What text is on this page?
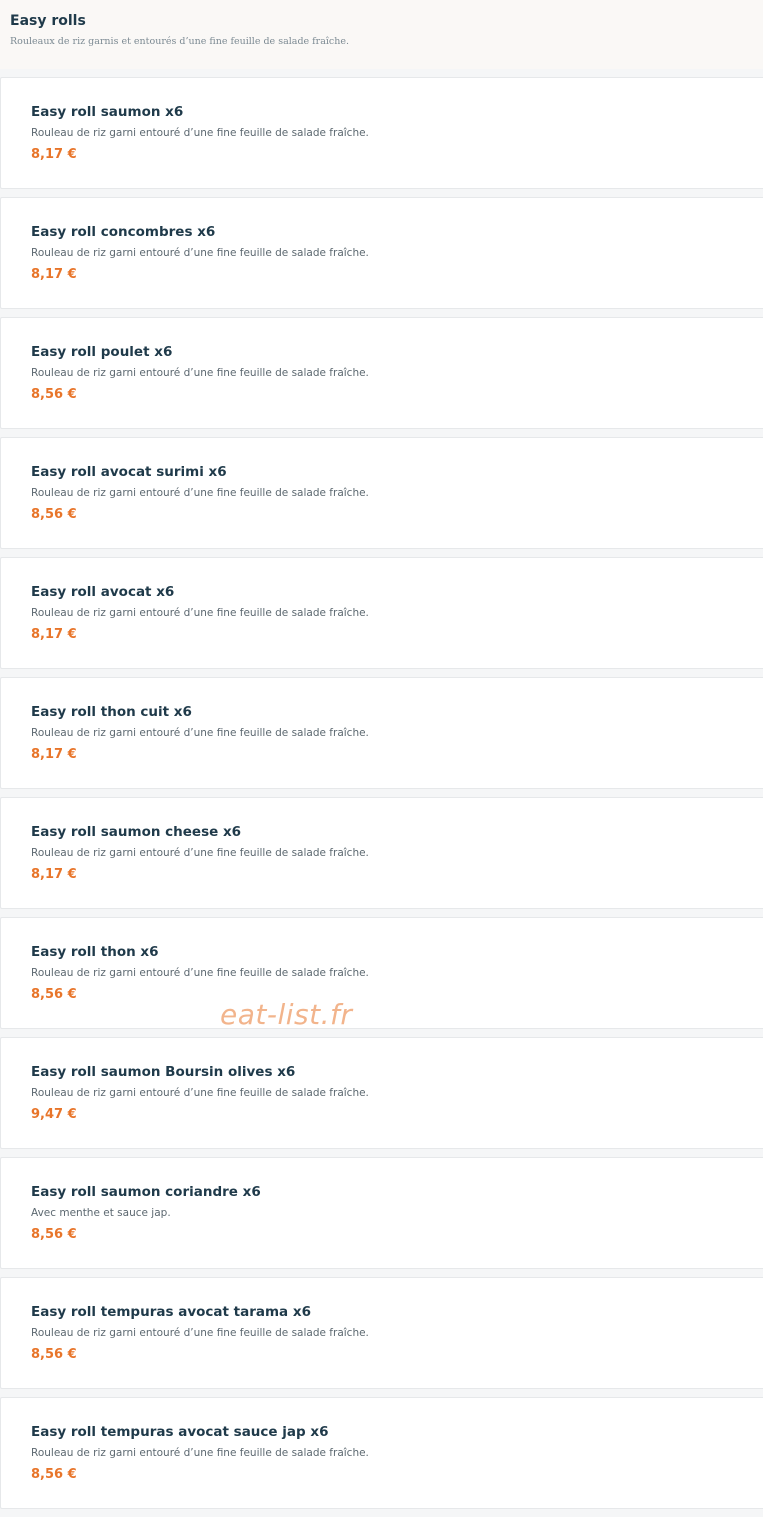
Easy rolls
Rouleaux de riz garnis et entourés d’une fine feuille de salade fraîche.
Easy roll saumon x6
Rouleau de riz garni entouré d’une fine feuille de salade fraîche.
8,17 €
Easy roll concombres x6
Rouleau de riz garni entouré d’une fine feuille de salade fraîche.
8,17 €
Easy roll poulet x6
Rouleau de riz garni entouré d’une fine feuille de salade fraîche.
8,56 €
Easy roll avocat surimi x6
Rouleau de riz garni entouré d’une fine feuille de salade fraîche.
8,56 €
Easy roll avocat x6
Rouleau de riz garni entouré d’une fine feuille de salade fraîche.
8,17 €
Easy roll thon cuit x6
Rouleau de riz garni entouré d’une fine feuille de salade fraîche.
8,17 €
Easy roll saumon cheese x6
Rouleau de riz garni entouré d’une fine feuille de salade fraîche.
8,17 €
Easy roll thon x6
Rouleau de riz garni entouré d’une fine feuille de salade fraîche.
8,56 €
Easy roll saumon Boursin olives x6
Rouleau de riz garni entouré d’une fine feuille de salade fraîche.
9,47 €
Easy roll saumon coriandre x6
Avec menthe et sauce jap.
8,56 €
Easy roll tempuras avocat tarama x6
Rouleau de riz garni entouré d’une fine feuille de salade fraîche.
8,56 €
Easy roll tempuras avocat sauce jap x6
Rouleau de riz garni entouré d’une fine feuille de salade fraîche.
8,56 €
eat-list.fr
